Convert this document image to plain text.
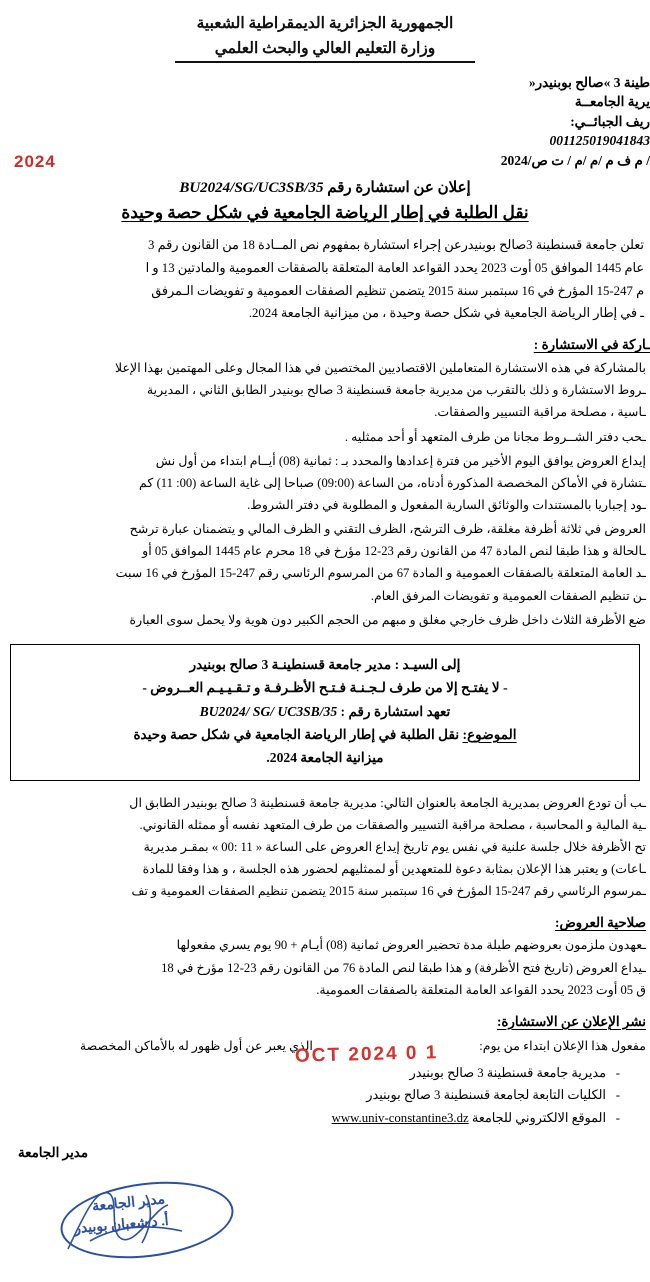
الجمهورية الجزائرية الديمقراطية الشعبية
وزارة التعليم العالي والبحث العلمي
طينة 3 »صالح بوبنيدر«
يرية الجامعــة
ريف الجبائــي:
001125019041843
/ م ف م /م /م / ت ص/2024
2024
إعلان عن استشارة رقم BU2024/SG/UC3SB/35
نقل الطلبة في إطار الرياضة الجامعية في شكل حصة وحيدة
تعلن جامعة قسنطينة 3صالح بوبنيدرعن إجراء استشارة بمفهوم نص المــادة 18 من القانون رقم 3
عام 1445 الموافق 05 أوت 2023 يحدد القواعد العامة المتعلقة بالصفقات العمومية والمادتين 13 و ا
م 247-15 المؤرخ في 16 سبتمبر سنة 2015 يتضمن تنظيم الصفقات العمومية و تفويضات الـمرفق
ـ في إطار الرياضة الجامعية في شكل حصة وحيدة ، من ميزانية الجامعة 2024.
ـاركة في الاستشارة :
بالمشاركة في هذه الاستشارة المتعاملين الاقتصاديين المختصين في هذا المجال وعلى المهتمين بهذا الإعلا
ـروط الاستشارة و ذلك بالتقرب من مديرية جامعة قسنطينة 3 صالح بوبنيدر الطابق الثاني ، المديرية
ـاسية ، مصلحة مراقبة التسيير والصفقات.
ـحب دفتر الشــروط مجانا من طرف المتعهد أو أحد ممثليه .
إيداع العروض يوافق اليوم الأخير من فترة إعدادها والمحدد بـ : ثمانية (08) أيــام ابتداء من أول نش
ـتشارة في الأماكن المخصصة المذكورة أدناه، من الساعة (09:00) صباحا إلى غاية الساعة (00: 11) كم
ـود إجباريا بالمستندات والوثائق السارية المفعول و المطلوبة في دفتر الشروط.
العروض في ثلاثة أظرفة مغلقة، ظرف الترشح، الظرف التقني و الظرف المالي و يتضمنان عبارة ترشح
ـالحالة و هذا طبقا لنص المادة 47 من القانون رقم 23-12 مؤرخ في 18 محرم عام 1445 الموافق 05 أو
ـد العامة المتعلقة بالصفقات العمومية و المادة 67 من المرسوم الرئاسي رقم 247-15 المؤرخ في 16 سبت
ـن تنظيم الصفقات العمومية و تفويضات المرفق العام.
ضع الأظرفة الثلاث داخل ظرف خارجي مغلق و مبهم من الحجم الكبير دون هوية ولا يحمل سوى العبارة
إلى السيـد : مدير جامعة قسنطينـة 3 صالح بوبنيدر
- لا يفتـح إلا من طرف لـجـنـة فـتـح الأظـرفـة و تـقـيـيـم العــروض -
تعهد استشارة رقم : BU2024/ SG/ UC3SB/35
الموضوع: نقل الطلبة في إطار الرياضة الجامعية في شكل حصة وحيدة
ميزانية الجامعة 2024.
ـب أن تودع العروض بمديرية الجامعة بالعنوان التالي: مديرية جامعة قسنطينة 3 صالح بوبنيدر الطابق ال
ـية المالية و المحاسبة ، مصلحة مراقبة التسيير والصفقات من طرف المتعهد نفسه أو ممثله القانوني.
تح الأظرفة خلال جلسة علنية في نفس يوم تاريخ إيداع العروض على الساعة « 11 :00 » بمقـر مديرية
ـاعات) و يعتبر هذا الإعلان بمثابة دعوة للمتعهدين أو لممثليهم لحضور هذه الجلسة ، و هذا وفقا للمادة
ـمرسوم الرئاسي رقم 247-15 المؤرخ في 16 سبتمبر سنة 2015 يتضمن تنظيم الصفقات العمومية و تف
صلاحية العروض:
ـعهدون ملزمون بعروضهم طيلة مدة تحضير العروض ثمانية (08) أيـام + 90 يوم يسري مفعولها
ـيداع العروض (تاريخ فتح الأظرفة) و هذا طبقا لنص المادة 76 من القانون رقم 23-12 مؤرخ في 18
ق 05 أوت 2023 يحدد القواعد العامة المتعلقة بالصفقات العمومية.
نشر الإعلان عن الاستشارة:
مفعول هذا الإعلان ابتداء من يوم:  الذي يعبر عن أول ظهور له بالأماكن المخصصة
1 0 OCT 2024
-مديرية جامعة قسنطينة 3 صالح بوبنيدر
-الكليات التابعة لجامعة قسنطينة 3 صالح بوبنيدر
-الموقع الالكتروني للجامعة www.univ-constantine3.dz
مدير الجامعة
مدير الجامعة
أ. د شعبان بوبيدر
